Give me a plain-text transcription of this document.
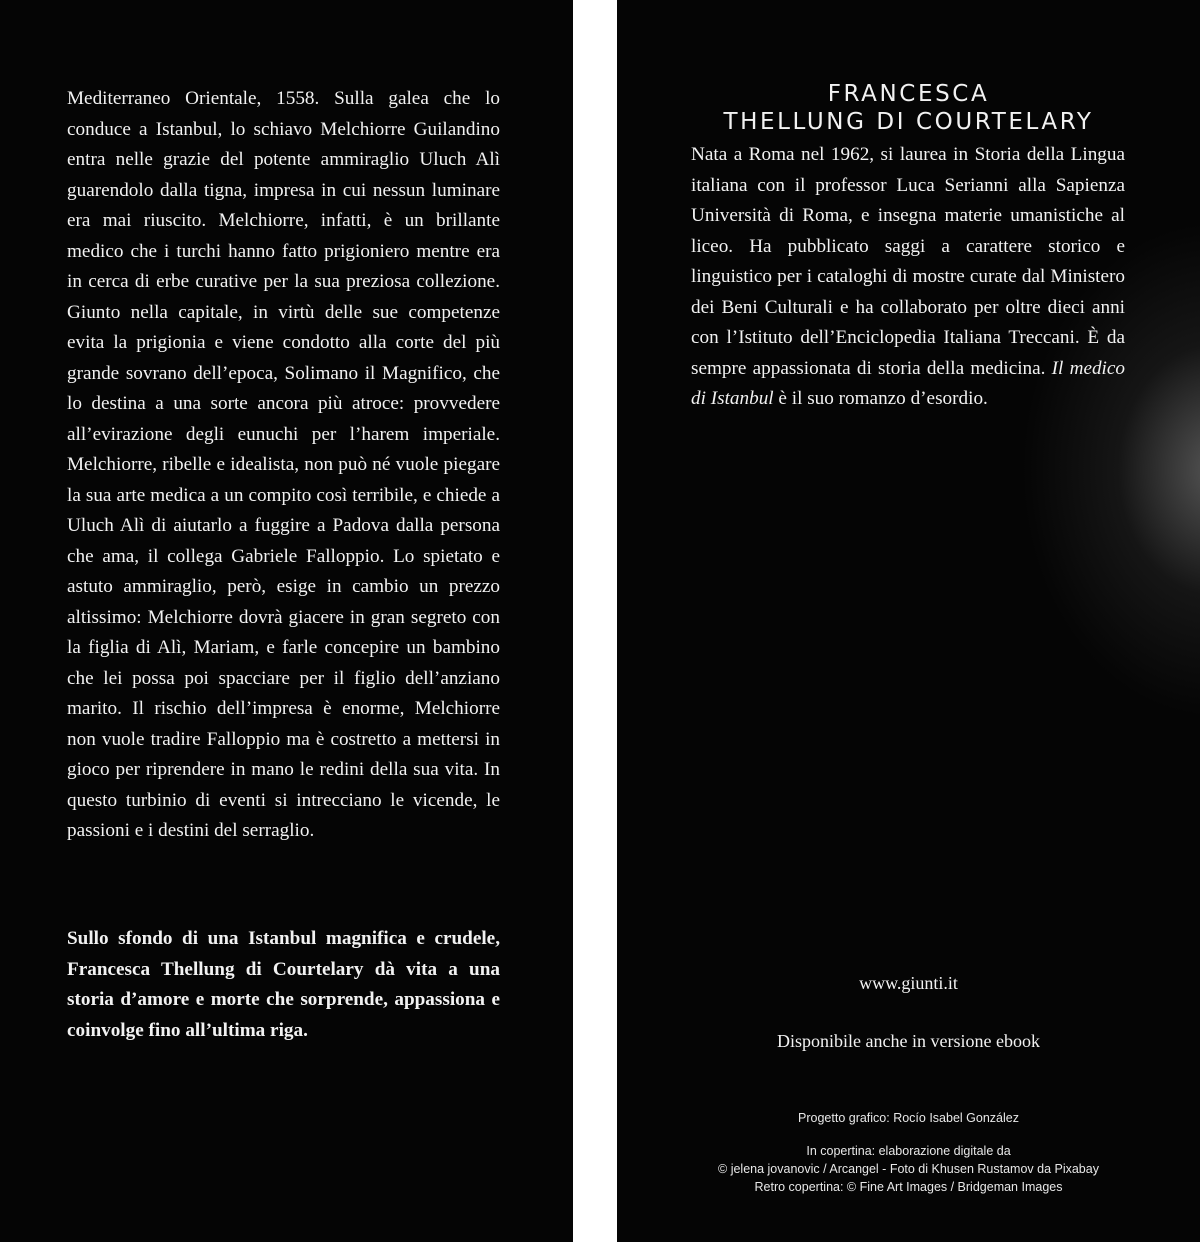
Mediterraneo Orientale, 1558. Sulla galea che lo conduce a Istanbul, lo schiavo Melchiorre Guilandino entra nelle grazie del potente ammiraglio Uluch Alì guarendolo dalla tigna, impresa in cui nessun luminare era mai riuscito. Melchiorre, infatti, è un brillante medico che i turchi hanno fatto prigioniero mentre era in cerca di erbe curative per la sua preziosa collezione. Giunto nella capitale, in virtù delle sue competenze evita la prigionia e viene condotto alla corte del più grande sovrano dell’epoca, Solimano il Magnifico, che lo destina a una sorte ancora più atroce: provvedere all’evirazione degli eunuchi per l’harem imperiale. Melchiorre, ribelle e idealista, non può né vuole piegare la sua arte medica a un compito così terribile, e chiede a Uluch Alì di aiutarlo a fuggire a Padova dalla persona che ama, il collega Gabriele Falloppio. Lo spietato e astuto ammiraglio, però, esige in cambio un prezzo altissimo: Melchiorre dovrà giacere in gran segreto con la figlia di Alì, Mariam, e farle concepire un bambino che lei possa poi spacciare per il figlio dell’anziano marito. Il rischio dell’impresa è enorme, Melchiorre non vuole tradire Falloppio ma è costretto a mettersi in gioco per riprendere in mano le redini della sua vita. In questo turbinio di eventi si intrecciano le vicende, le passioni e i destini del serraglio.

Sullo sfondo di una Istanbul magnifica e crudele, Francesca Thellung di Courtelary dà vita a una storia d’amore e morte che sorprende, appassiona e coinvolge fino all’ultima riga.

FRANCESCA
THELLUNG DI COURTELARY

Nata a Roma nel 1962, si laurea in Storia della Lingua italiana con il professor Luca Serianni alla Sapienza Università di Roma, e insegna materie umanistiche al liceo. Ha pubblicato saggi a carattere storico e linguistico per i cataloghi di mostre curate dal Ministero dei Beni Culturali e ha collaborato per oltre dieci anni con l’Istituto dell’Enciclopedia Italiana Treccani. È da sempre appassionata di storia della medicina. Il medico di Istanbul è il suo romanzo d’esordio.

www.giunti.it
Disponibile anche in versione ebook
Progetto grafico: Rocío Isabel González
In copertina: elaborazione digitale da
© jelena jovanovic / Arcangel - Foto di Khusen Rustamov da Pixabay
Retro copertina: © Fine Art Images / Bridgeman Images
